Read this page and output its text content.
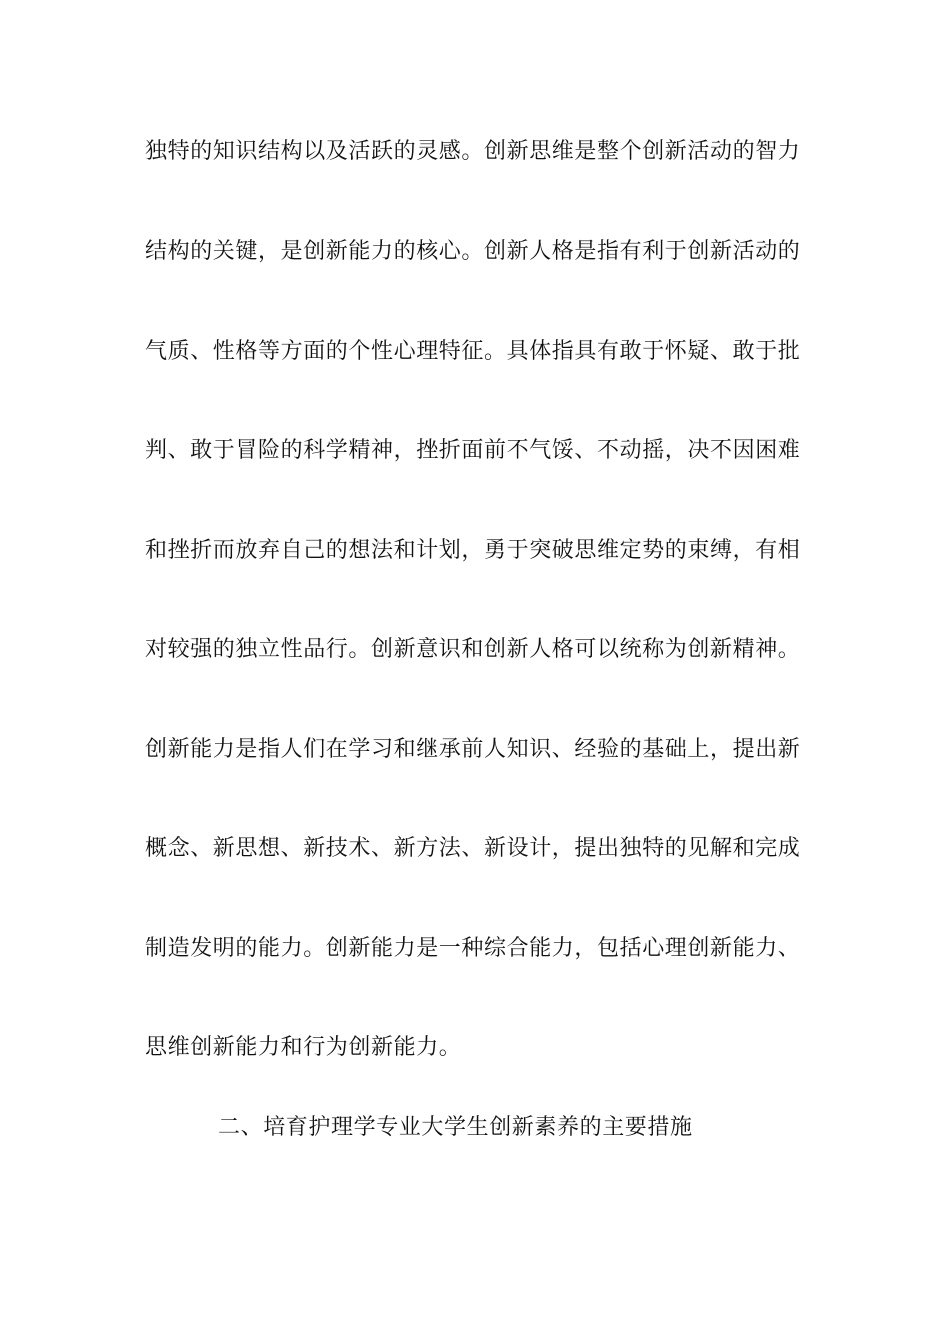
独特的知识结构以及活跃的灵感。创新思维是整个创新活动的智力
结构的关键，是创新能力的核心。创新人格是指有利于创新活动的
气质、性格等方面的个性心理特征。具体指具有敢于怀疑、敢于批
判、敢于冒险的科学精神，挫折面前不气馁、不动摇，决不因困难
和挫折而放弃自己的想法和计划，勇于突破思维定势的束缚，有相
对较强的独立性品行。创新意识和创新人格可以统称为创新精神。
创新能力是指人们在学习和继承前人知识、经验的基础上，提出新
概念、新思想、新技术、新方法、新设计，提出独特的见解和完成
制造发明的能力。创新能力是一种综合能力，包括心理创新能力、
思维创新能力和行为创新能力。
二、培育护理学专业大学生创新素养的主要措施
